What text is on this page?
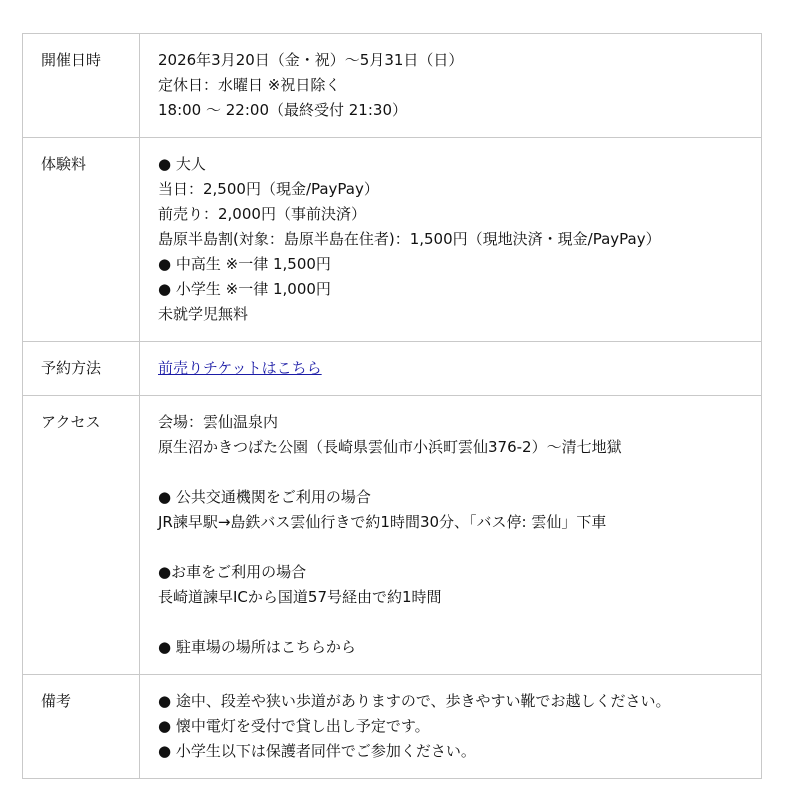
開催日時	2026年3月20日（金・祝）〜5月31日（日）
定休日：水曜日 ※祝日除く
18:00 〜 22:00（最終受付 21:30）
体験料	● 大人
当日：2,500円（現金/PayPay）
前売り：2,000円（事前決済）
島原半島割(対象：島原半島在住者)：1,500円（現地決済・現金/PayPay）
● 中高生 ※一律 1,500円
● 小学生 ※一律 1,000円
未就学児無料
予約方法	前売りチケットはこちら
アクセス	会場：雲仙温泉内
原生沼かきつばた公園（長崎県雲仙市小浜町雲仙376-2）〜清七地獄

● 公共交通機関をご利用の場合
JR諫早駅→島鉄バス雲仙行きで約1時間30分、「バス停: 雲仙」下車

●お車をご利用の場合
長崎道諫早ICから国道57号経由で約1時間

● 駐車場の場所はこちらから
備考	● 途中、段差や狭い歩道がありますので、歩きやすい靴でお越しください。
● 懐中電灯を受付で貸し出し予定です。
● 小学生以下は保護者同伴でご参加ください。
